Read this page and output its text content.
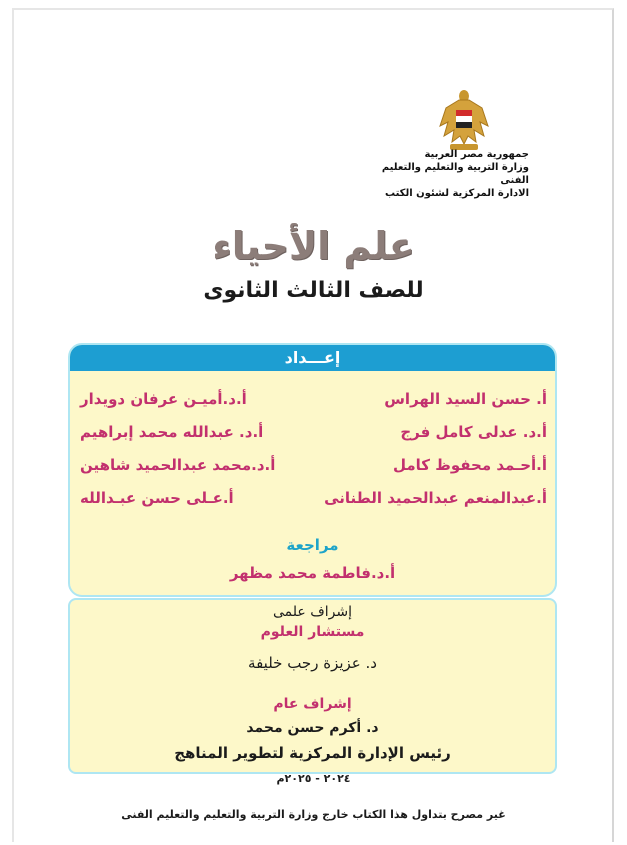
جمهورية مصر العربية
وزارة التربية والتعليم والتعليم الفنى
الادارة المركزية لشئون الكتب
علم الأحياء
للصف الثالث الثانوى
إعـــداد
أ. حسن السيد الهراس
أ.د.أميـن عرفان دويدار
أ.د. عدلى كامل فرج
أ.د. عبدالله محمد إبراهيم
أ.أحـمد محفوظ كامل
أ.د.محمد عبدالحميد شاهين
أ.عبدالمنعم عبدالحميد الطنانى
أ.عـلى حسن عبـدالله
مراجعة
أ.د.فاطمة محمد مظهر
إشراف علمى
مستشار العلوم
د. عزيزة رجب خليفة
إشراف عام
د. أكرم حسن محمد
رئيس الإدارة المركزية لتطوير المناهج
٢٠٢٤ - ٢٠٢٥م
غير مصرح بتداول هذا الكتاب خارج وزارة التربية والتعليم والتعليم الفنى
